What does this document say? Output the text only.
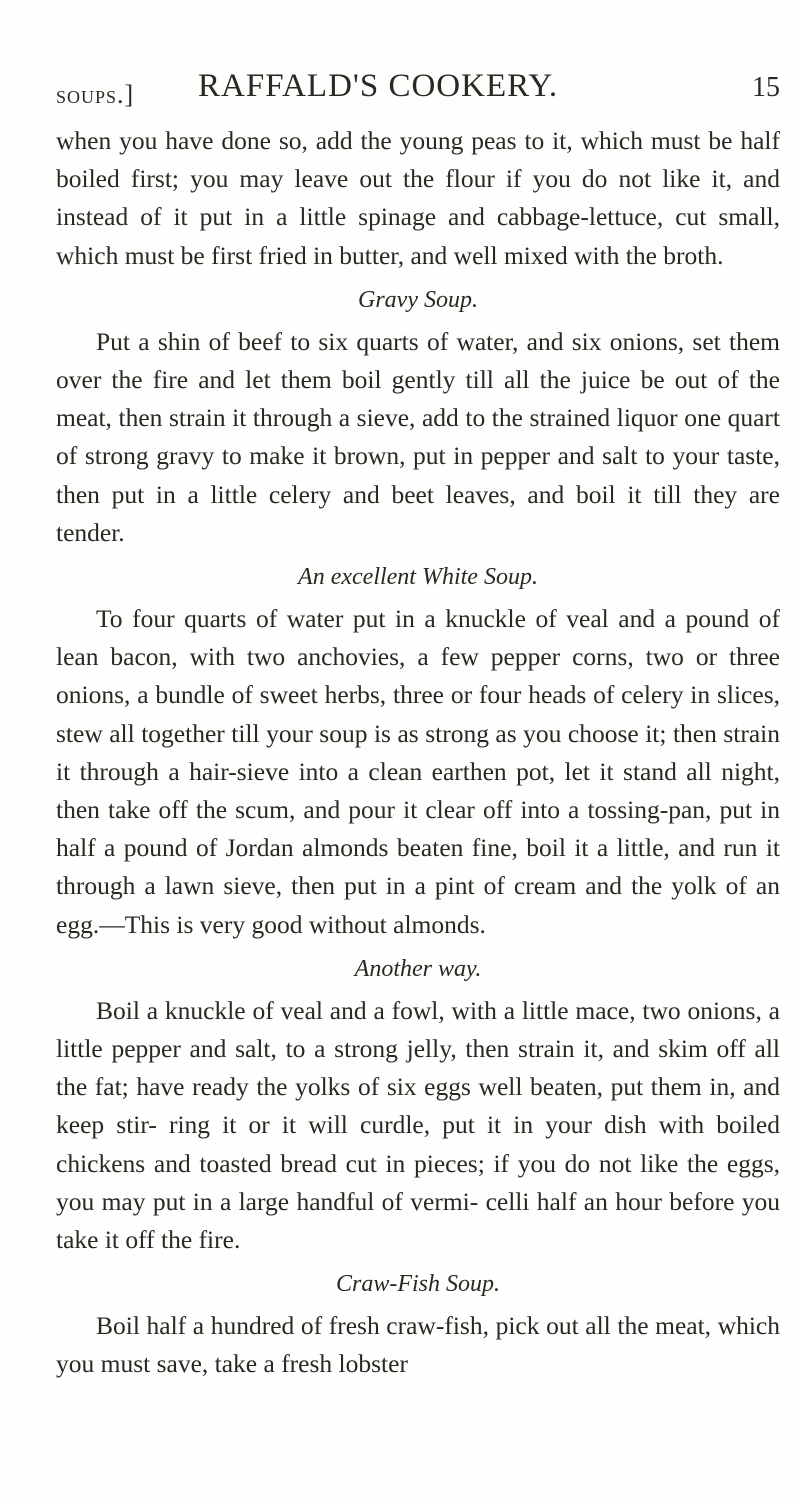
soups.] RAFFALD'S COOKERY.	15

when you have done so, add the young peas to it, which must be half boiled first; you may leave out the flour if you do not like it, and instead of it put in a little spinage and cabbage-lettuce, cut small, which must be first fried in butter, and well mixed with the broth.

Gravy Soup.

Put a shin of beef to six quarts of water, and six onions, set them over the fire and let them boil gently till all the juice be out of the meat, then strain it through a sieve, add to the strained liquor one quart of strong gravy to make it brown, put in pepper and salt to your taste, then put in a little celery and beet leaves, and boil it till they are tender.

An excellent White Soup.

To four quarts of water put in a knuckle of veal and a pound of lean bacon, with two anchovies, a few pepper corns, two or three onions, a bundle of sweet herbs, three or four heads of celery in slices, stew all together till your soup is as strong as you choose it; then strain it through a hair-sieve into a clean earthen pot, let it stand all night, then take off the scum, and pour it clear off into a tossing-pan, put in half a pound of Jordan almonds beaten fine, boil it a little, and run it through a lawn sieve, then put in a pint of cream and the yolk of an egg.—This is very good without almonds.

Another way.

Boil a knuckle of veal and a fowl, with a little mace, two onions, a little pepper and salt, to a strong jelly, then strain it, and skim off all the fat; have ready the yolks of six eggs well beaten, put them in, and keep stir- ring it or it will curdle, put it in your dish with boiled chickens and toasted bread cut in pieces; if you do not like the eggs, you may put in a large handful of vermi- celli half an hour before you take it off the fire.

Craw-Fish Soup.

Boil half a hundred of fresh craw-fish, pick out all the meat, which you must save, take a fresh lobster
